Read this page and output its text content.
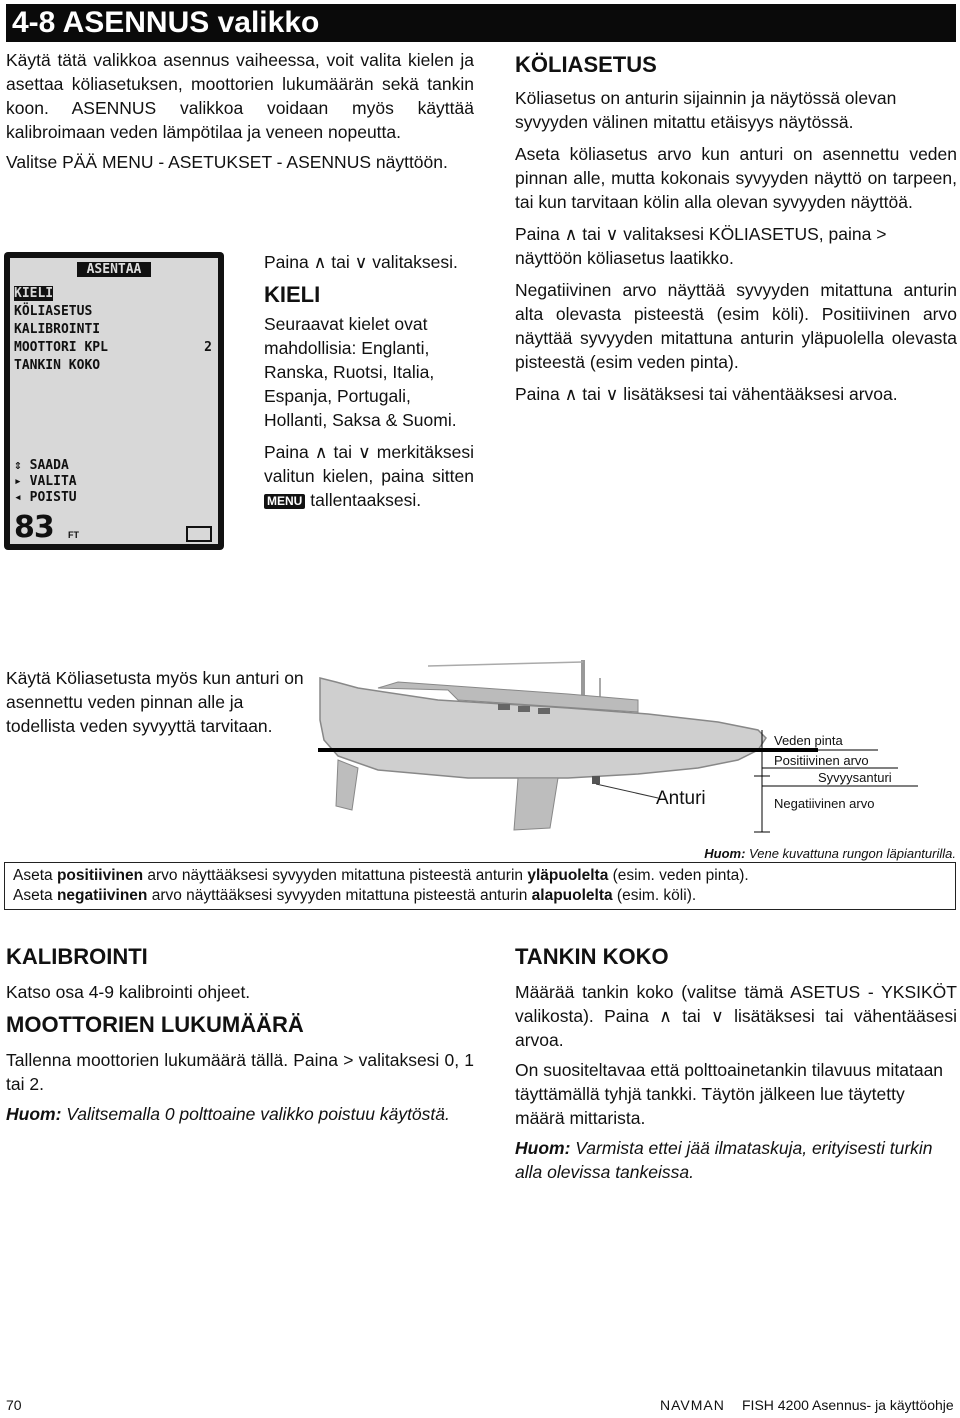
4-8 ASENNUS valikko

Käytä tätä valikkoa asennus vaiheessa, voit valita kielen ja asettaa köliasetuksen, moottorien lukumäärän sekä tankin koon. ASENNUS valikkoa voidaan myös käyttää kalibroimaan veden lämpötilaa ja veneen nopeutta.

Valitse PÄÄ MENU - ASETUKSET - ASENNUS näyttöön.

ASENTAA
KIELI
KÖLIASETUS
KALIBROINTI
MOOTTORI KPL	2
TANKIN KOKO
⇕ SAADA
▸ VALITA
◂ POISTU
83 FT

Paina ∧ tai ∨ valitaksesi.

KIELI

Seuraavat kielet ovat mahdollisia: Englanti, Ranska, Ruotsi, Italia, Espanja, Portugali, Hollanti, Saksa & Suomi.

Paina ∧ tai ∨ merkitäksesi valitun kielen, paina sitten MENU tallentaaksesi.

KÖLIASETUS

Köliasetus on anturin sijainnin ja näytössä olevan syvyyden välinen mitattu etäisyys näytössä.

Aseta köliasetus arvo kun anturi on asennettu veden pinnan alle, mutta kokonais syvyyden näyttö on tarpeen, tai kun tarvitaan kölin alla olevan syvyyden näyttöä.

Paina ∧ tai ∨ valitaksesi KÖLIASETUS, paina > näyttöön köliasetus laatikko.

Negatiivinen arvo näyttää syvyyden mitattuna anturin alta olevasta pisteestä (esim köli). Positiivinen arvo näyttää syvyyden mitattuna anturin yläpuolella olevasta pisteestä (esim veden pinta).

Paina ∧ tai ∨ lisätäksesi tai vähentääksesi arvoa.

Käytä Köliasetusta myös kun anturi on asennettu veden pinnan alle ja todellista veden syvyyttä tarvitaan.

Anturi
Veden pinta
Positiivinen arvo
Syvyysanturi
Negatiivinen arvo
Huom: Vene kuvattuna rungon läpianturilla.

Aseta positiivinen arvo näyttääksesi syvyyden mitattuna pisteestä anturin yläpuolelta (esim. veden pinta).

Aseta negatiivinen arvo näyttääksesi syvyyden mitattuna pisteestä anturin alapuolelta (esim. köli).

KALIBROINTI

Katso osa 4-9 kalibrointi ohjeet.

MOOTTORIEN LUKUMÄÄRÄ

Tallenna moottorien lukumäärä tällä. Paina > valitaksesi 0, 1 tai 2.

Huom: Valitsemalla 0 polttoaine valikko poistuu käytöstä.

TANKIN KOKO

Määrää tankin koko (valitse tämä ASETUS - YKSIKÖT valikosta). Paina ∧ tai ∨ lisätäksesi tai vähentääsesi arvoa.

On suositeltavaa että polttoainetankin tilavuus mitataan täyttämällä tyhjä tankki. Täytön jälkeen lue täytetty määrä mittarista.

Huom: Varmista ettei jää ilmataskuja, erityisesti turkin alla olevissa tankeissa.

70	NAVMAN FISH 4200 Asennus- ja käyttöohje
